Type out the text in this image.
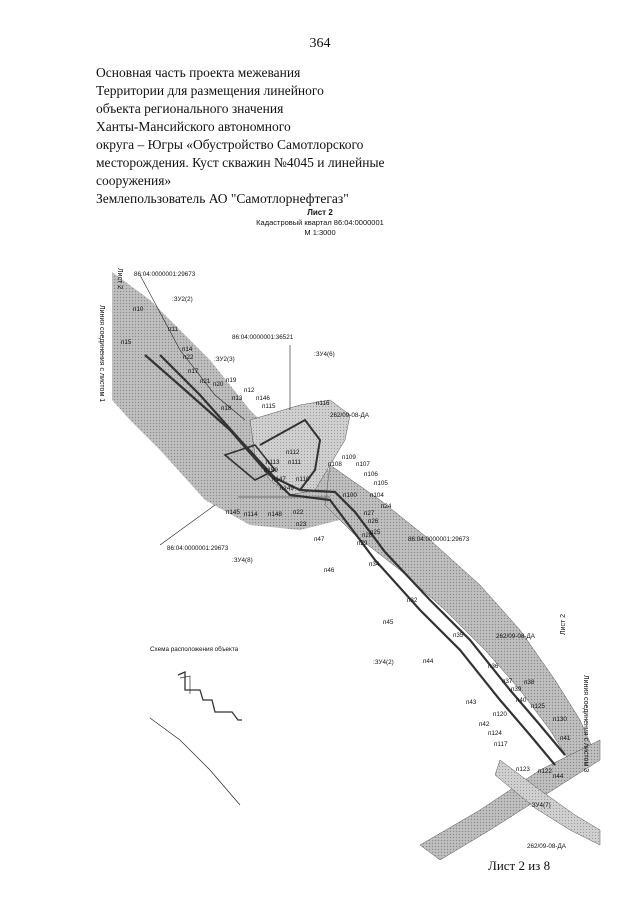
364
Основная часть проекта межевания
Территории для размещения линейного
объекта регионального значения
Ханты-Мансийского автономного
округа – Югры «Обустройство Самотлорского
месторождения. Куст скважин №4045 и линейные
сооружения»
Землепользователь АО "Самотлорнефтегаз"
Лист 2
Кадастровый квартал 86:04:0000001
М 1:3000
Лист 2
Линия соединения с листом 1
Лист 2
Линия соединения с листом 3
86:04:0000001:29673
:ЗУ2(2)
86:04:0000001:36521
:ЗУ2(3)
:ЗУ4(6)
262/09-08-ДА
86:04:0000001:29673
:ЗУ4(8)
86:04:0000001:29673
:ЗУ4(2)
262/09-08-ДА
:ЗУ4(7)
262/09-08-ДА
п10
п11
п15
п14
п22
п17
п21 п20
п19
п12
п13
п18
п146
п115	п116
п112
п113 п111
п159
п147 п110
п149
п109
п108 п107
п106
п105
п100 п104
п24
п27
п26
п25
п28
п29
п145 п114 п148 п22
п23
п47
п34
п46
п32
п45
п35
п44
п36
п37 п38
п39
п40
п125
п43
п120
п130
п42
п124
п117
п41
п123 п122
п44
Схема расположения объекта
Лист 2 из 8
